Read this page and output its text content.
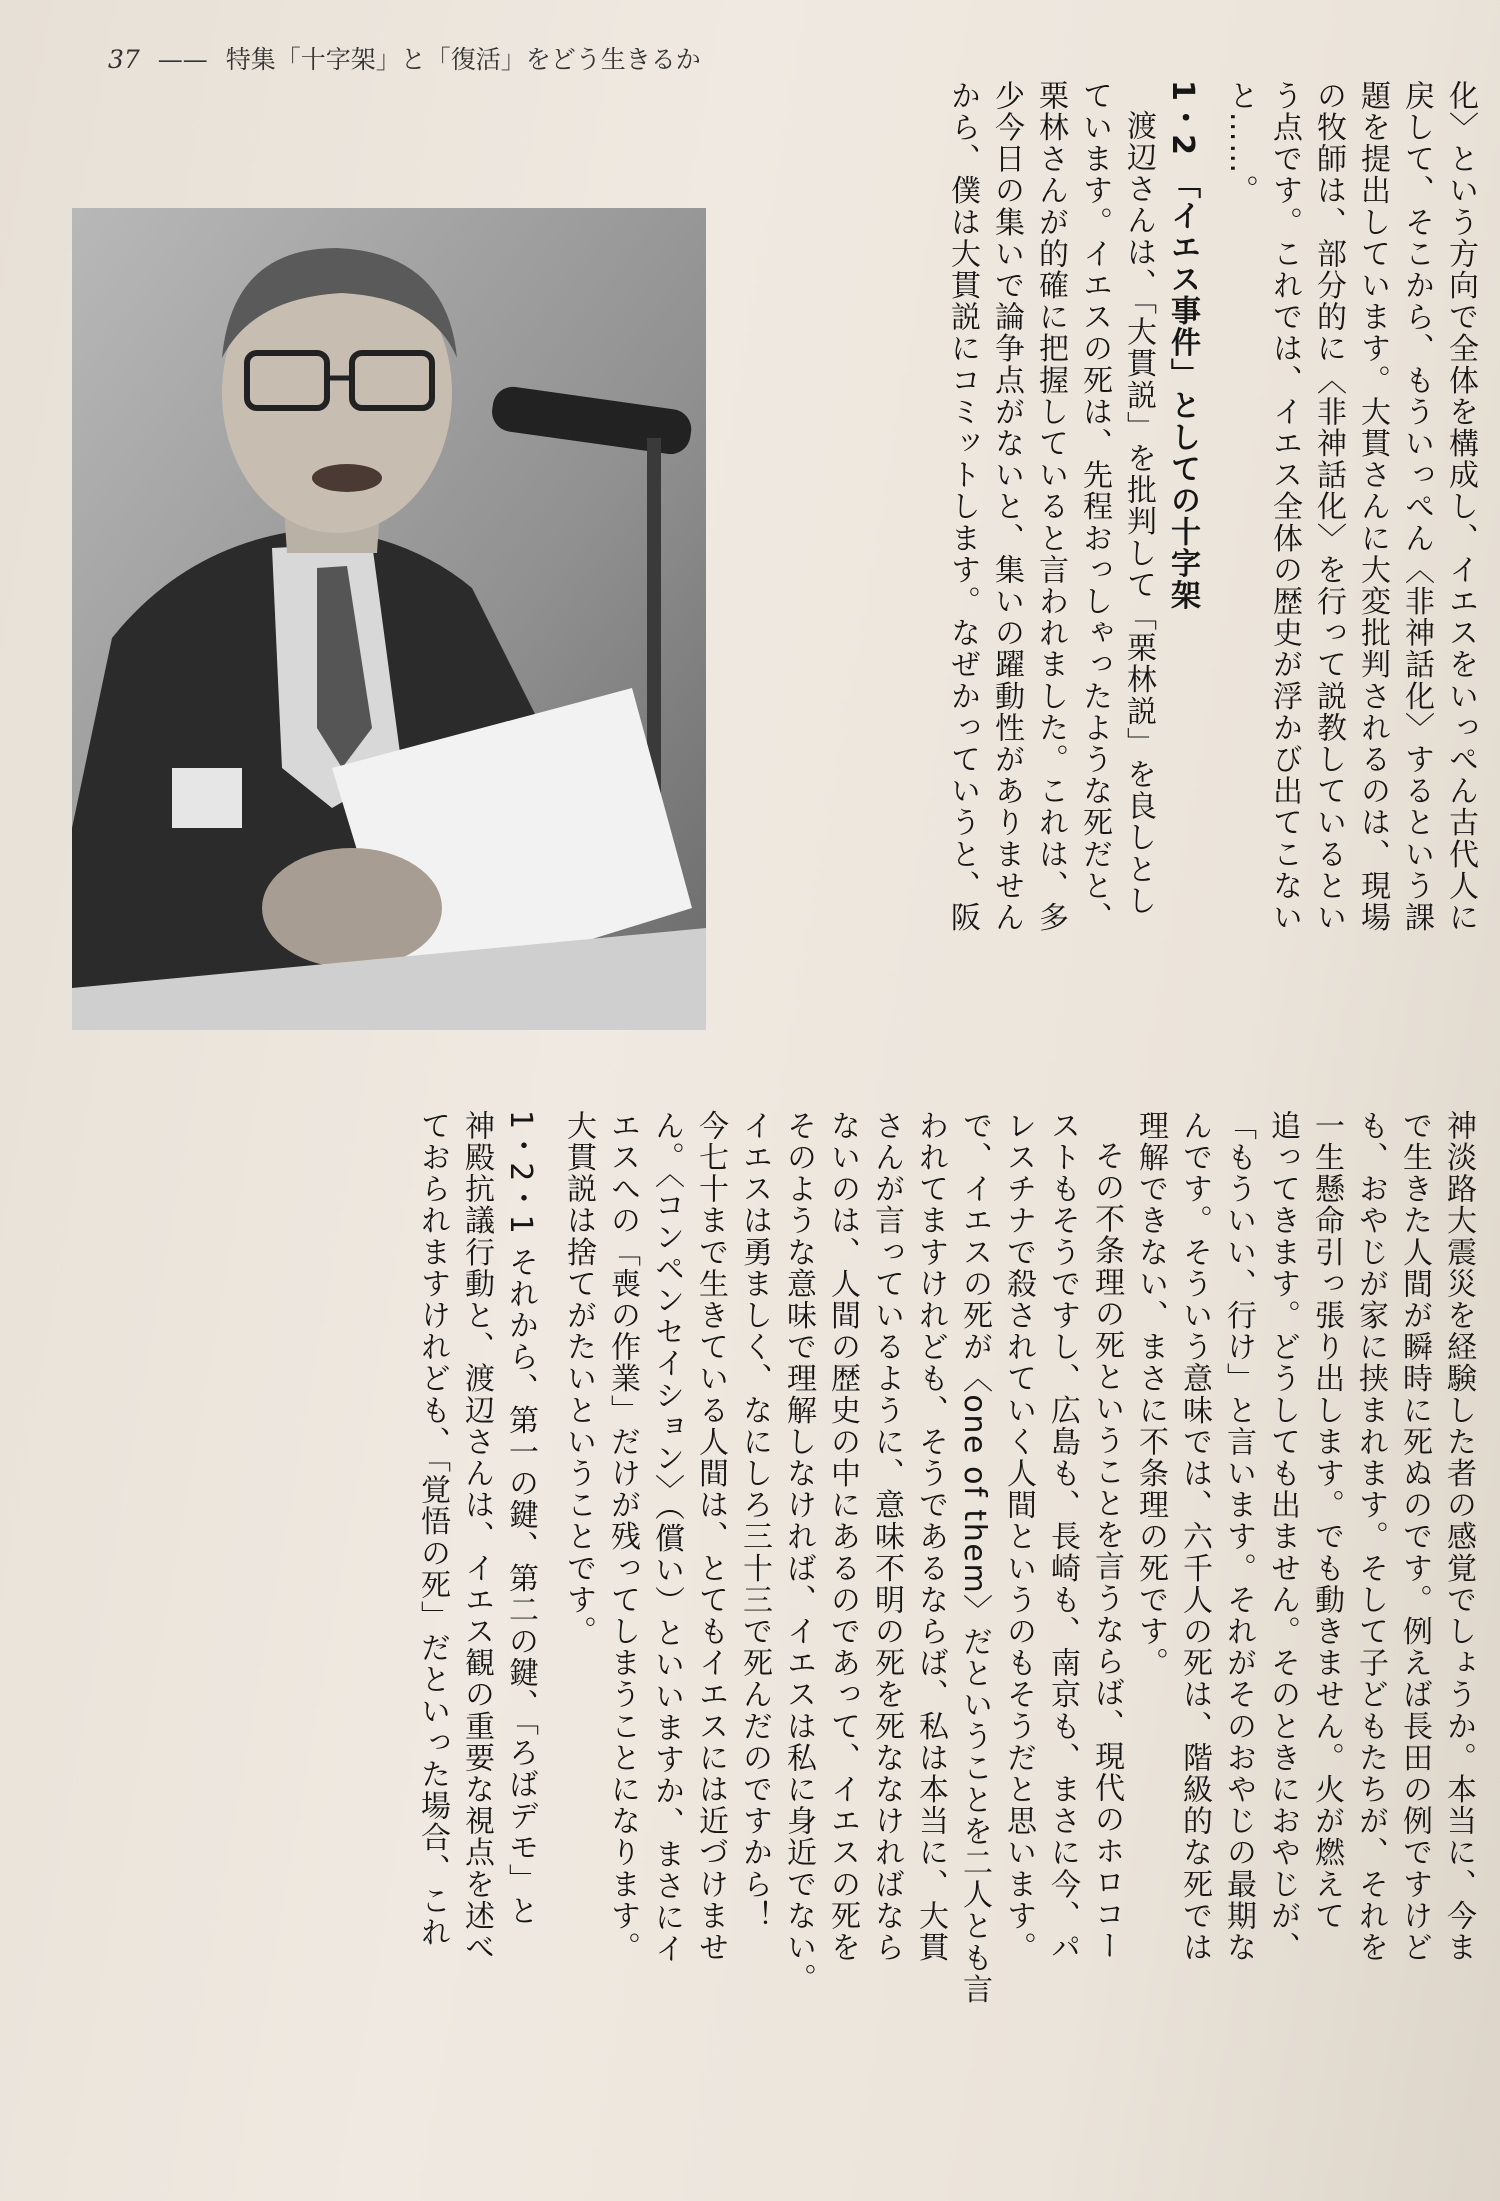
37 —— 特集「十字架」と「復活」をどう生きるか
化〉という方向で全体を構成し、イエスをいっぺん古代人に
戻して、そこから、もういっぺん〈非神話化〉するという課
題を提出しています。大貫さんに大変批判されるのは、現場
の牧師は、部分的に〈非神話化〉を行って説教しているとい
う点です。これでは、イエス全体の歴史が浮かび出てこない
と……。
1・2 「イエス事件」としての十字架
渡辺さんは、「大貫説」を批判して「栗林説」を良しとし
ています。イエスの死は、先程おっしゃったような死だと、
栗林さんが的確に把握していると言われました。これは、多
少今日の集いで論争点がないと、集いの躍動性がありません
から、僕は大貫説にコミットします。なぜかっていうと、阪
神淡路大震災を経験した者の感覚でしょうか。本当に、今ま
で生きた人間が瞬時に死ぬのです。例えば長田の例ですけど
も、おやじが家に挟まれます。そして子どもたちが、それを
一生懸命引っ張り出します。でも動きません。火が燃えて
追ってきます。どうしても出ません。そのときにおやじが、
「もういい、行け」と言います。それがそのおやじの最期な
んです。そういう意味では、六千人の死は、階級的な死では
理解できない、まさに不条理の死です。
その不条理の死ということを言うならば、現代のホロコー
ストもそうですし、広島も、長崎も、南京も、まさに今、パ
レスチナで殺されていく人間というのもそうだと思います。
で、イエスの死が〈one of them〉だということを二人とも言
われてますけれども、そうであるならば、私は本当に、大貫
さんが言っているように、意味不明の死を死ななければなら
ないのは、人間の歴史の中にあるのであって、イエスの死を
そのような意味で理解しなければ、イエスは私に身近でない。
イエスは勇ましく、なにしろ三十三で死んだのですから！
今七十まで生きている人間は、とてもイエスには近づけませ
ん。〈コンペンセイション〉（償い）といいますか、まさにイ
エスへの「喪の作業」だけが残ってしまうことになります。
大貫説は捨てがたいということです。
1・2・1 それから、第一の鍵、第二の鍵、「ろばデモ」と
神殿抗議行動と、渡辺さんは、イエス観の重要な視点を述べ
ておられますけれども、「覚悟の死」だといった場合、これ
